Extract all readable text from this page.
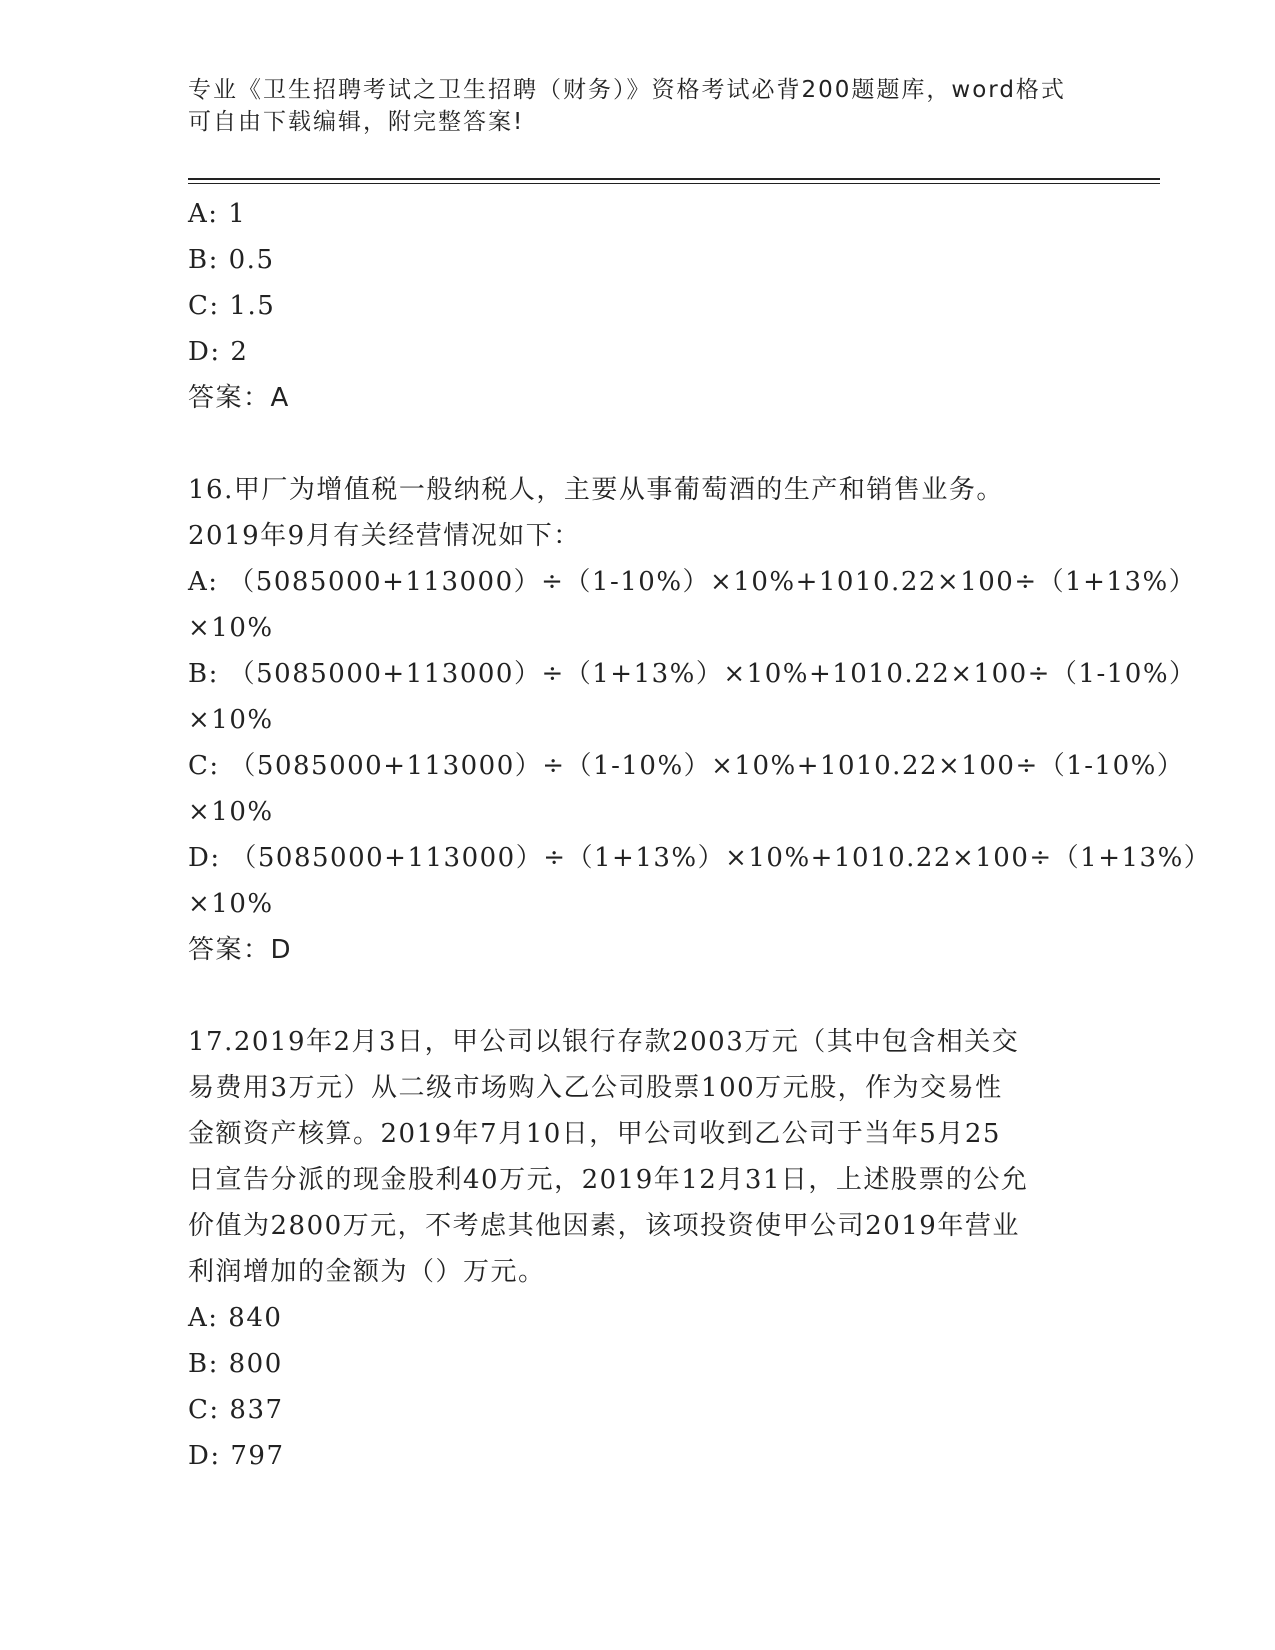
专业《卫生招聘考试之卫生招聘（财务）》资格考试必背200题题库，word格式
可自由下载编辑，附完整答案!
A: 1
B: 0.5
C: 1.5
D: 2
答案：A
16.甲厂为增值税一般纳税人，主要从事葡萄酒的生产和销售业务。
2019年9月有关经营情况如下：
A: （5085000+113000）÷（1-10%）×10%+1010.22×100÷（1+13%）
×10%
B: （5085000+113000）÷（1+13%）×10%+1010.22×100÷（1-10%）
×10%
C: （5085000+113000）÷（1-10%）×10%+1010.22×100÷（1-10%）
×10%
D: （5085000+113000）÷（1+13%）×10%+1010.22×100÷（1+13%）
×10%
答案：D
17.2019年2月3日，甲公司以银行存款2003万元（其中包含相关交
易费用3万元）从二级市场购入乙公司股票100万元股，作为交易性
金额资产核算。2019年7月10日，甲公司收到乙公司于当年5月25
日宣告分派的现金股利40万元，2019年12月31日，上述股票的公允
价值为2800万元，不考虑其他因素，该项投资使甲公司2019年营业
利润增加的金额为（）万元。
A: 840
B: 800
C: 837
D: 797
